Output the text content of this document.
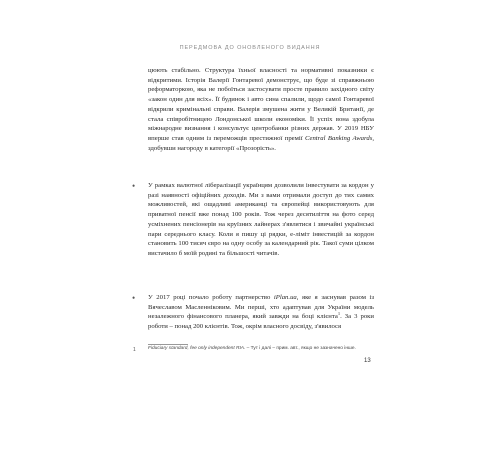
ПЕРЕДМОВА ДО ОНОВЛЕНОГО ВИДАННЯ

цюють стабільно. Структура їхньої власності та нормативні показники є відкритими. Історія Валерії Гонтаревої демонструє, що буде зі справжньою реформаторкою, яка не побоїться застосувати просте правило західного світу «закон один для всіх». Її будинок і авто сина спалили, щодо самої Гонтаревої відкрили кримінальні справи. Валерія змушена жити у Великій Британії, де стала співробітницею Лондонської школи економіки. Її успіх вона здобула міжнародне визнання і консультує центробанки різних держав. У 2019 НБУ вперше став одним із переможців престижної премії Central Banking Awards, здобувши нагороду в категорії «Прозорість».

• У рамках валютної лібералізації українцям дозволили інвестувати за кордон у разі наявності офіційних доходів. Ми з вами отримали доступ до тих самих можливостей, які ощадливі американці та європейці використовують для приватної пенсії вже понад 100 років. Тож через десятиліття на фото серед усміхнених пенсіонерів на круїзних лайнерах з'являтися і звичайні українські пари середнього класу. Коли я пишу ці рядки, е-ліміт інвестицій за кордон становить 100 тисяч євро на одну особу за календарний рік. Такої суми цілком вистачило б моїй родині та більшості читачів.

• У 2017 році почало роботу партнерство iPlan.ua, яке я заснував разом із Вячеславом Масленніковим. Ми перші, хто адаптував для України модель незалежного фінансового планера, який завжди на боці клієнта$^1$. За 3 роки роботи – понад 200 клієнтів. Тож, окрім власного досвіду, з'явилося

1	Fiduciary standard, fee only independent RIA. – Тут і далі – прим. авт., якщо не зазначено інше.
13
